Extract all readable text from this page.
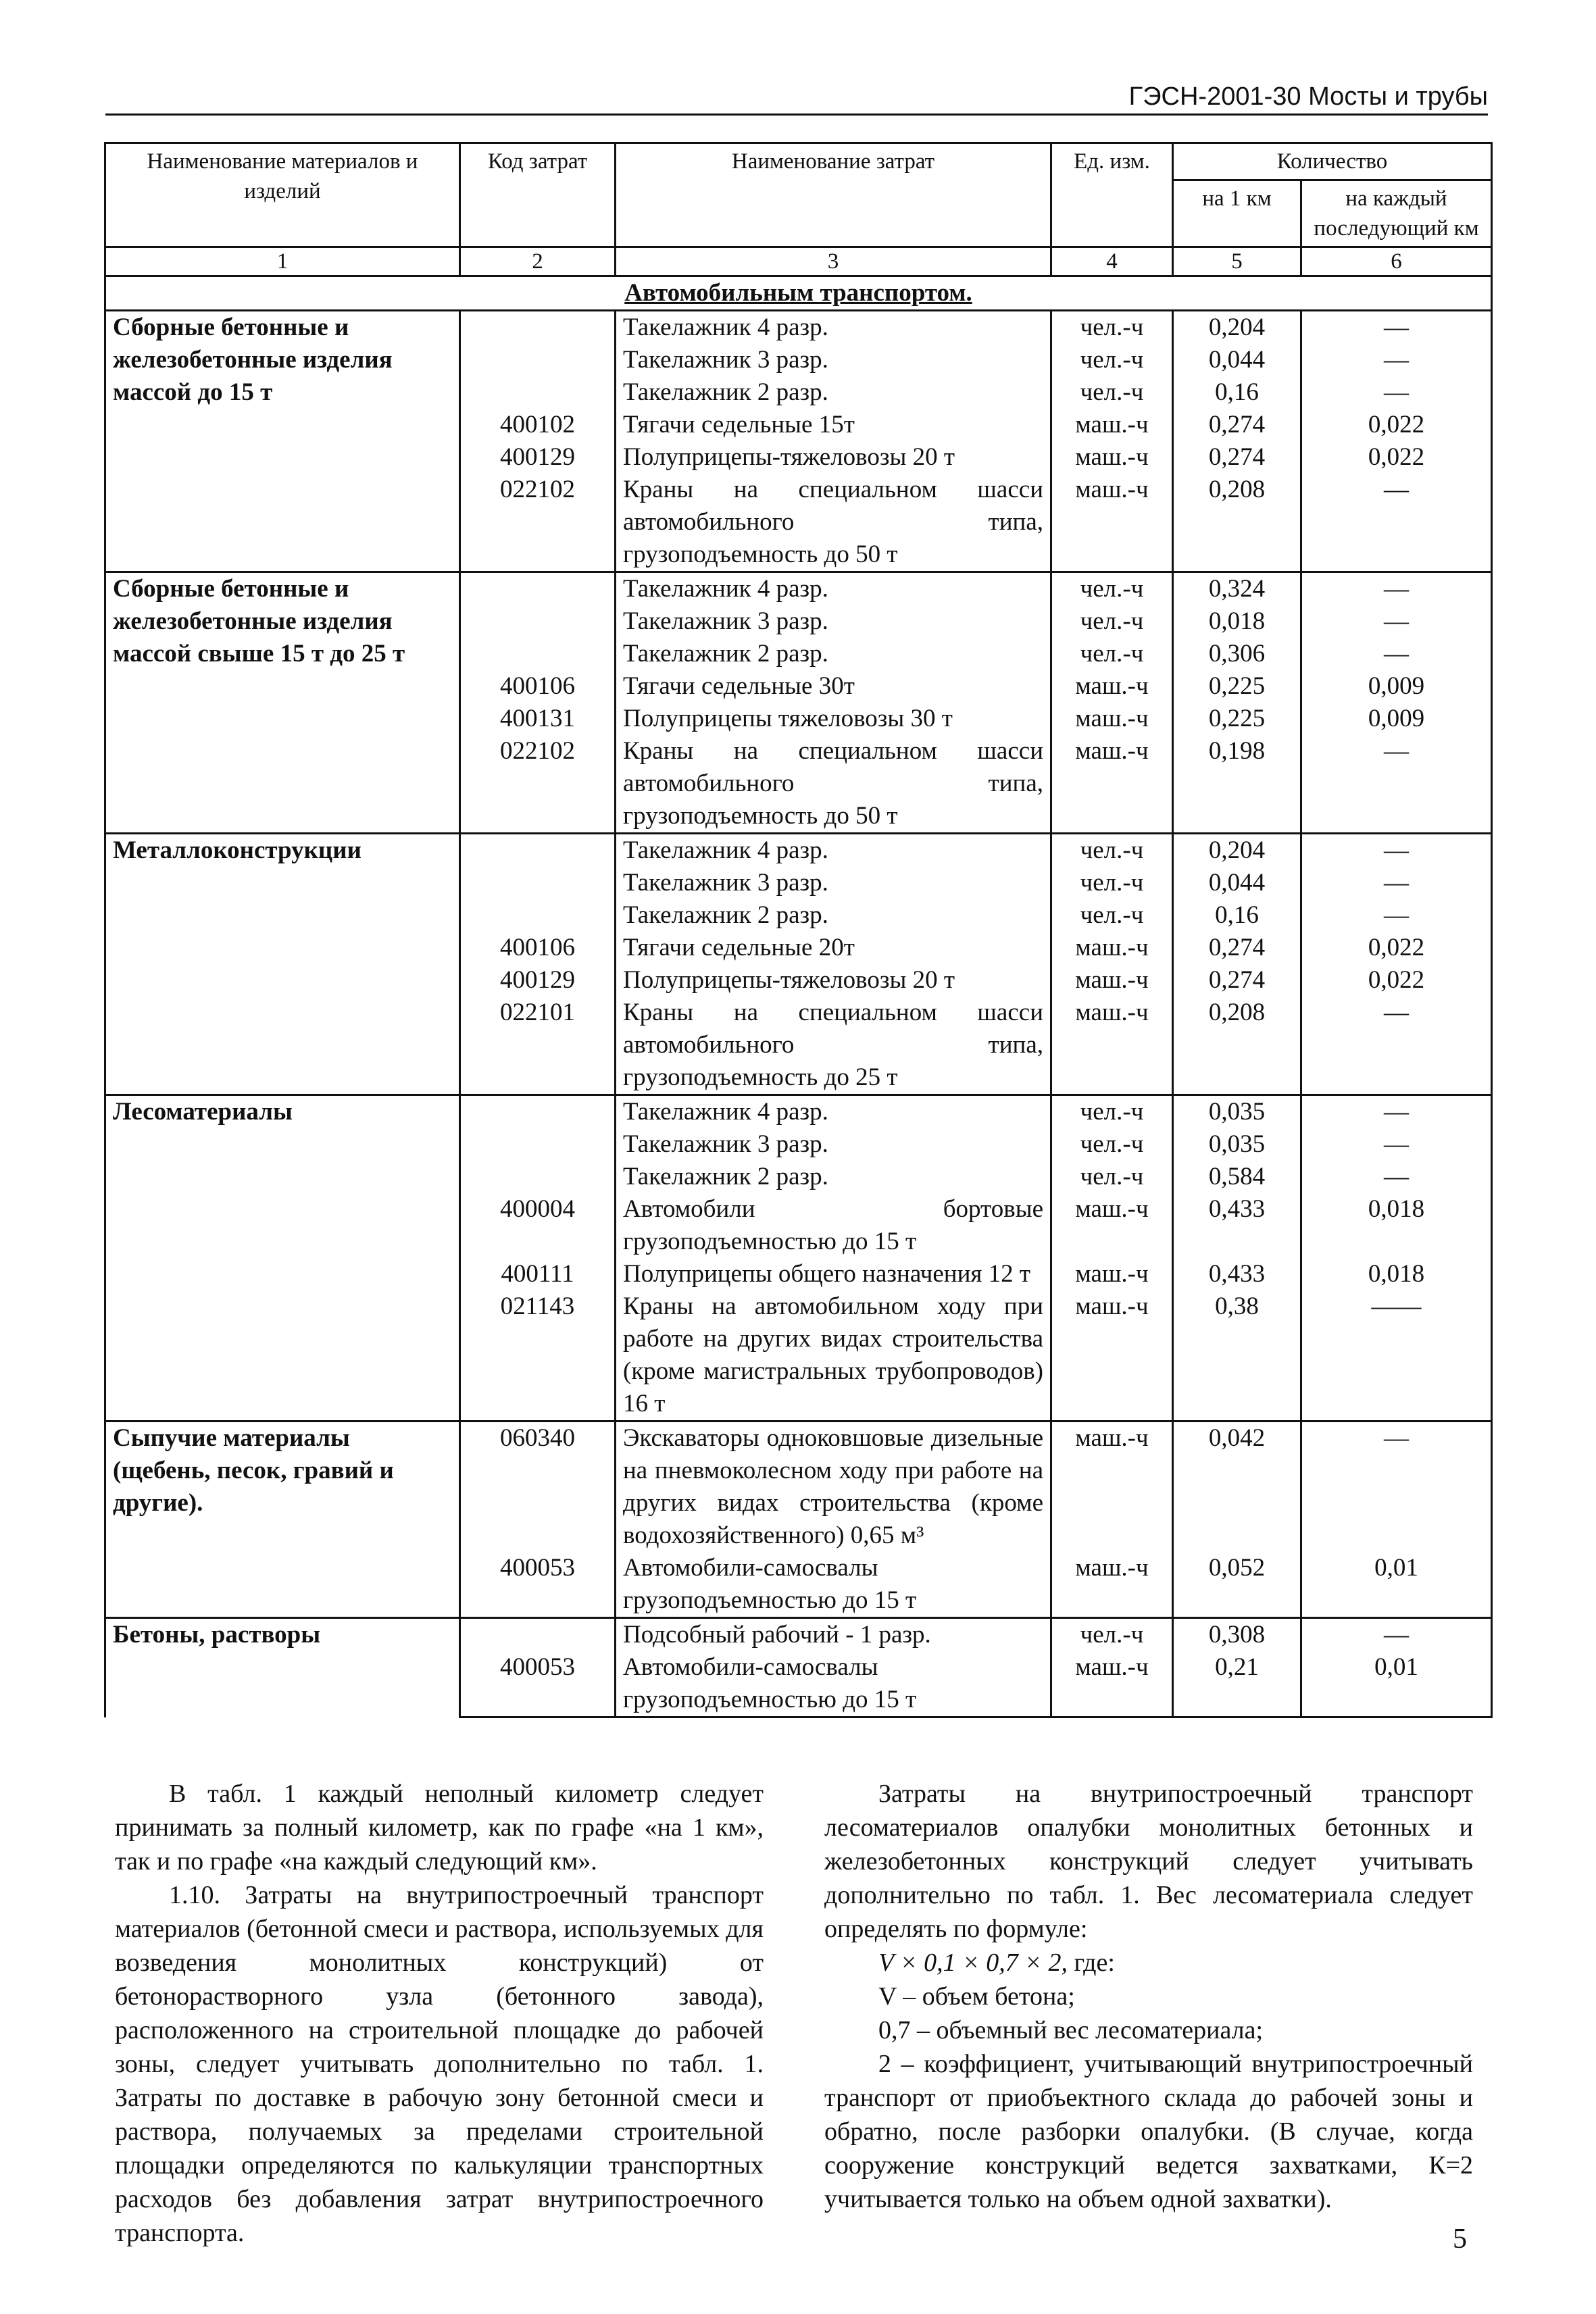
ГЭСН-2001-30 Мосты и трубы
Наименование материалов и изделий	Код затрат	Наименование затрат	Ед. изм.	Количество	
				на 1 км	на каждый последующий км
1	2	3	4	5	6
Автомобильным транспортом.					
Сборные бетонные и железобетонные изделия массой до 15 т		Такелажник 4 разр.	чел.-ч	0,204	—
		Такелажник 3 разр.	чел.-ч	0,044	—
		Такелажник 2 разр.	чел.-ч	0,16	—
	400102	Тягачи седельные 15т	маш.-ч	0,274	0,022
	400129	Полуприцепы-тяжеловозы 20 т	маш.-ч	0,274	0,022
	022102	Краны на специальном шасси автомобильного типа, грузоподъемность до 50 т	маш.-ч	0,208	—
Сборные бетонные и железобетонные изделия массой свыше 15 т до 25 т		Такелажник 4 разр.	чел.-ч	0,324	—
		Такелажник 3 разр.	чел.-ч	0,018	—
		Такелажник 2 разр.	чел.-ч	0,306	—
	400106	Тягачи седельные 30т	маш.-ч	0,225	0,009
	400131	Полуприцепы тяжеловозы 30 т	маш.-ч	0,225	0,009
	022102	Краны на специальном шасси автомобильного типа, грузоподъемность до 50 т	маш.-ч	0,198	—
Металлоконструкции		Такелажник 4 разр.	чел.-ч	0,204	—
		Такелажник 3 разр.	чел.-ч	0,044	—
		Такелажник 2 разр.	чел.-ч	0,16	—
	400106	Тягачи седельные 20т	маш.-ч	0,274	0,022
	400129	Полуприцепы-тяжеловозы 20 т	маш.-ч	0,274	0,022
	022101	Краны на специальном шасси автомобильного типа, грузоподъемность до 25 т	маш.-ч	0,208	—
Лесоматериалы		Такелажник 4 разр.	чел.-ч	0,035	—
		Такелажник 3 разр.	чел.-ч	0,035	—
		Такелажник 2 разр.	чел.-ч	0,584	—
	400004	Автомобили бортовые грузоподъемностью до 15 т	маш.-ч	0,433	0,018
	400111	Полуприцепы общего назначения 12 т	маш.-ч	0,433	0,018
	021143	Краны на автомобильном ходу при работе на других видах строительства (кроме магистральных трубопроводов) 16 т	маш.-ч	0,38	——
Сыпучие материалы (щебень, песок, гравий и другие).	060340	Экскаваторы одноковшовые дизельные на пневмоколесном ходу при работе на других видах строительства (кроме водохозяйственного) 0,65 м³	маш.-ч	0,042	—
	400053	Автомобили-самосвалы грузоподъемностью до 15 т	маш.-ч	0,052	0,01
Бетоны, растворы		Подсобный рабочий - 1 разр.	чел.-ч	0,308	—
	400053	Автомобили-самосвалы грузоподъемностью до 15 т	маш.-ч	0,21	0,01

В табл. 1 каждый неполный километр следует принимать за полный километр, как по графе «на 1 км», так и по графе «на каждый следующий км».

1.10. Затраты на внутрипостроечный транспорт материалов (бетонной смеси и раствора, используемых для возведения монолитных конструкций) от бетонорастворного узла (бетонного завода), расположенного на строительной площадке до рабочей зоны, следует учитывать дополнительно по табл. 1. Затраты по доставке в рабочую зону бетонной смеси и раствора, получаемых за пределами строительной площадки определяются по калькуляции транспортных расходов без добавления затрат внутрипостроечного транспорта.

Затраты на внутрипостроечный транспорт лесоматериалов опалубки монолитных бетонных и железобетонных конструкций следует учитывать дополнительно по табл. 1. Вес лесоматериала следует определять по формуле:

V × 0,1 × 0,7 × 2, где:

V – объем бетона;

0,7 – объемный вес лесоматериала;

2 – коэффициент, учитывающий внутрипостроечный транспорт от приобъектного склада до рабочей зоны и обратно, после разборки опалубки. (В случае, когда сооружение конструкций ведется захватками, К=2 учитывается только на объем одной захватки).

5
